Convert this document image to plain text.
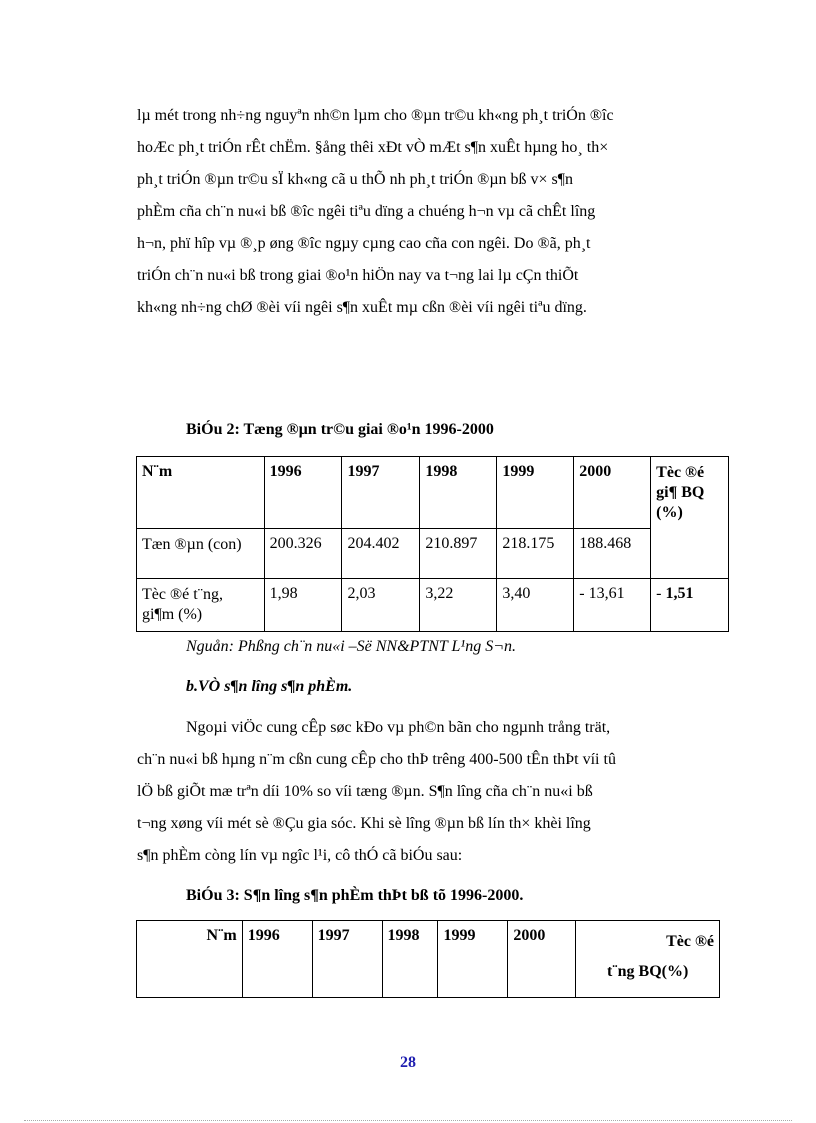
lµ mét trong nh÷ng nguyªn nh©n lµm cho ®µn tr©u kh«ng ph¸t triÓn ®îc
hoÆc ph¸t triÓn rÊt chËm. §ång thêi xÐt vÒ mÆt s¶n xuÊt hµng ho¸ th×
ph¸t triÓn ®µn tr©u sÏ kh«ng cã u thÕ nh ph¸t triÓn ®µn bß v× s¶n
phÈm cña ch¨n nu«i bß ®îc ngêi tiªu dïng a chuéng h¬n vµ cã chÊt lîng
h¬n, phï hîp vµ ®¸p øng ®îc ngµy cµng cao cña con ngêi. Do ®ã, ph¸t
triÓn ch¨n nu«i bß trong giai ®o¹n hiÖn nay va t¬ng lai lµ cÇn thiÕt
kh«ng nh÷ng chØ ®èi víi ngêi s¶n xuÊt mµ cßn ®èi víi ngêi tiªu dïng.
BiÓu 2: Tæng ®µn tr©u giai ®o¹n 1996-2000
N¨m	1996	1997	1998	1999	2000	Tèc ®é gi¶ BQ (%)
Tæn ®µn (con)	200.326	204.402	210.897	218.175	188.468	
Tèc ®é t¨ng, gi¶m (%)	1,98	2,03	3,22	3,40	- 13,61	- 1,51
Nguån: Phßng ch¨n nu«i –Së NN&PTNT L¹ng S¬n.
b.VÒ s¶n lîng s¶n phÈm.
Ngoµi viÖc cung cÊp søc kÐo vµ ph©n bãn cho ngµnh trång trät,
ch¨n nu«i bß hµng n¨m cßn cung cÊp cho thÞ trêng 400-500 tÊn thÞt víi tû
lÖ bß giÕt mæ trªn díi 10% so víi tæng ®µn. S¶n lîng cña ch¨n nu«i bß
t¬ng xøng víi mét sè ®Çu gia sóc. Khi sè lîng ®µn bß lín th× khèi lîng
s¶n phÈm còng lín vµ ngîc l¹i, cô thÓ cã biÓu sau:
BiÓu 3: S¶n lîng s¶n phÈm thÞt bß tõ 1996-2000.
N¨m	1996	1997	1998	1999	2000	Tèc ®é
t¨ng BQ(%)
28
